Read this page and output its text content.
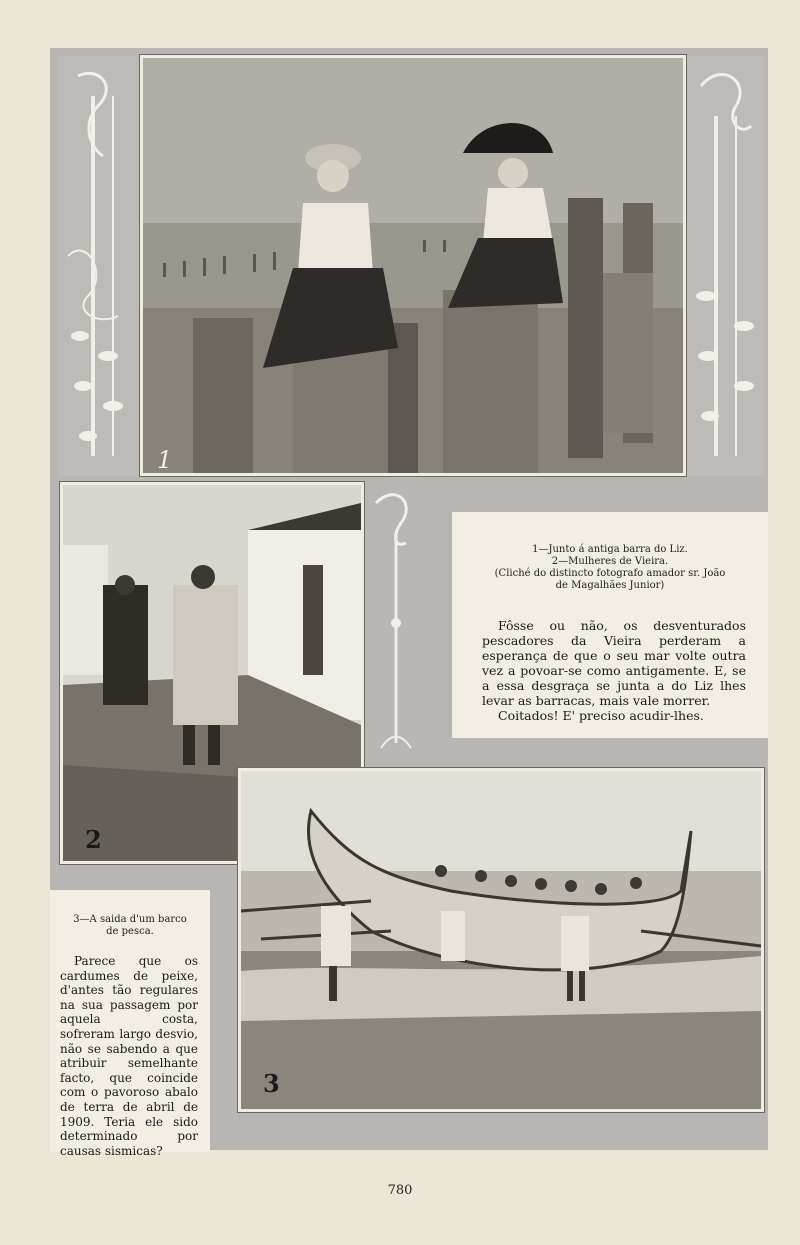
1
2
1—Junto á antiga barra do Liz.
2—Mulheres de Vieira.
(Cliché do distincto fotografo amador sr. João
de Magalhães Junior)

Fôsse ou não, os desventurados pescadores da Vieira perderam a esperança de que o seu mar volte outra vez a povoar-se como antigamente. E, se a essa desgraça se junta a do Liz lhes levar as barracas, mais vale morrer.

Coitados! E' preciso acudir-lhes.

3
3—A saida d'um barco
de pesca.

Parece que os cardumes de peixe, d'antes tão regulares na sua passagem por aquela costa, sofreram largo desvio, não se sabendo a que atribuir semelhante facto, que coincide com o pavoroso abalo de terra de abril de 1909. Teria ele sido determinado por causas sismicas?

780
